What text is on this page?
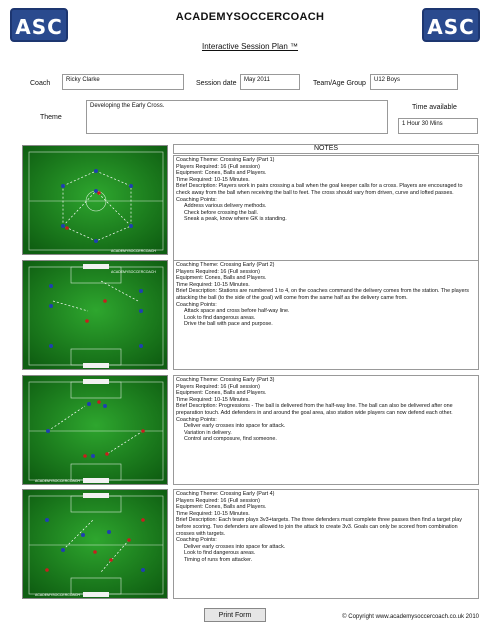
ASC	ASC
ACADEMYSOCCERCOACH
Interactive Session Plan ™
Coach	Ricky Clarke	Session date	May 2011	Team/Age Group	U12 Boys
Theme
Developing the Early Cross.	Time available
1 Hour 30 Mins
NOTES
ACADEMYSOCCERCOACH
Coaching Theme: Crossing Early (Part 1)
Players Required: 16 (Full session)
Equipment: Cones, Balls and Players.
Time Required: 10-15 Minutes.
Brief Description: Players work in pairs crossing a ball when the goal keeper calls for a cross. Players are encouraged to check away from the ball when receiving the ball to feet. The cross should vary from driven, curve and lofted passes.
Coaching Points:
Address various delivery methods.
Check before crossing the ball.
Sneak a peak, know where GK is standing.
ACADEMYSOCCERCOACH
Coaching Theme: Crossing Early (Part 2)
Players Required: 16 (Full session)
Equipment: Cones, Balls and Players.
Time Required: 10-15 Minutes.
Brief Description: Stations are numbered 1 to 4, on the coaches command the delivery comes from the station. The players attacking the ball (to the side of the goal) will come from the same half as the delivery came from.
Coaching Points:
Attack space and cross before half-way line.
Look to find dangerous areas.
Drive the ball with pace and purpose.
ACADEMYSOCCERCOACH
Coaching Theme: Crossing Early (Part 3)
Players Required: 16 (Full session)
Equipment: Cones, Balls and Players.
Time Required: 10-15 Minutes.
Brief Description: Progressions - The ball is delivered from the half-way line. The ball can also be delivered after one preparation touch. Add defenders in and around the goal area, also station wide players can now defend each other.
Coaching Points:
Deliver early crosses into space for attack.
Variation in delivery.
Control and composure, find someone.
ACADEMYSOCCERCOACH
Coaching Theme: Crossing Early (Part 4)
Players Required: 16 (Full session)
Equipment: Cones, Balls and Players.
Time Required: 10-15 Minutes.
Brief Description: Each team plays 3v3+targets. The three defenders must complete three passes then find a target play before scoring. Two defenders are allowed to join the attack to create 3v3. Goals can only be scored from combination crosses with targets.
Coaching Points:
Deliver early crosses into space for attack.
Look to find dangerous areas.
Timing of runs from attacker.
Print Form	© Copyright www.academysoccercoach.co.uk 2010
